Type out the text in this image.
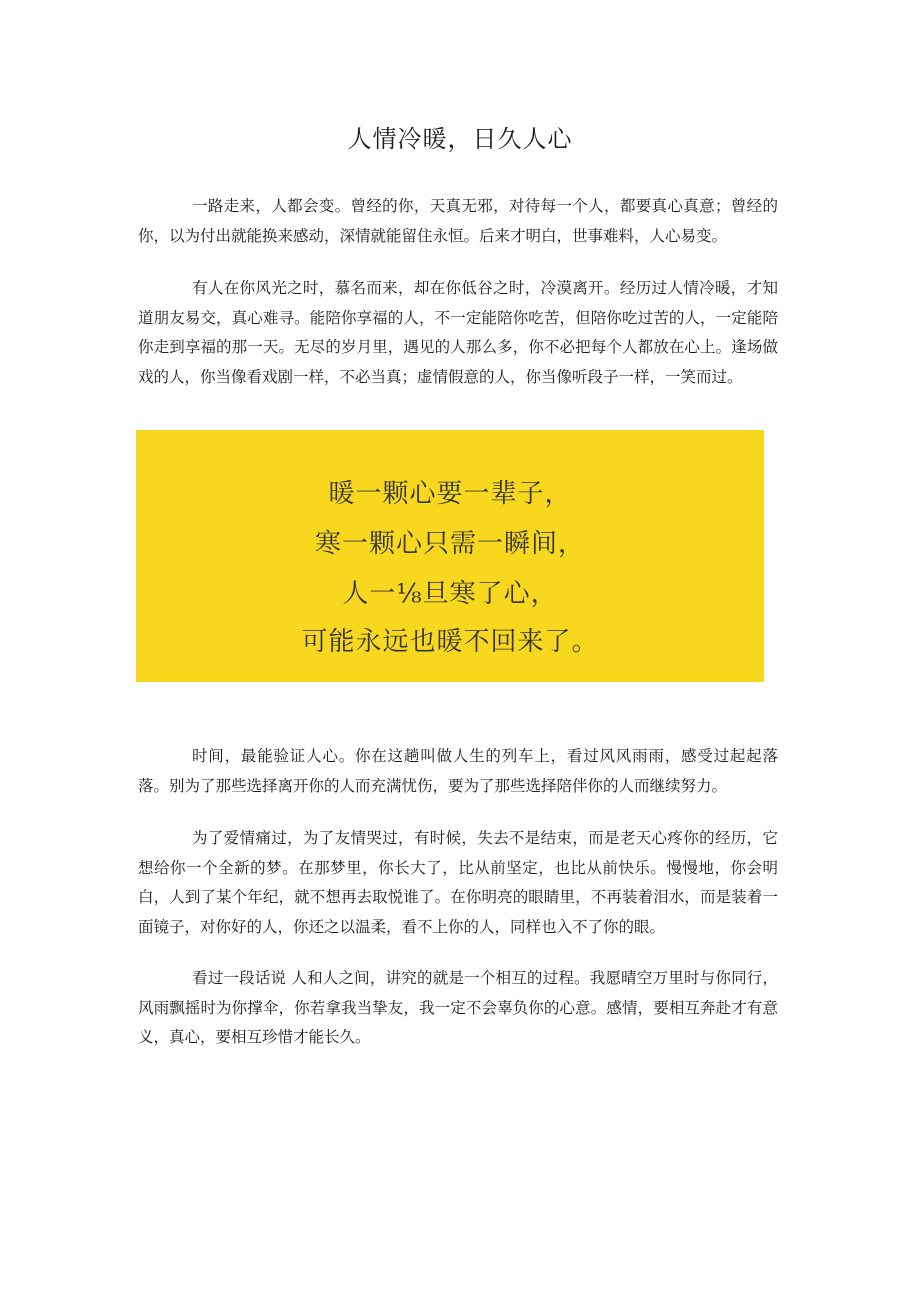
人情冷暖，日久人心

一路走来，人都会变。曾经的你，天真无邪，对待每一个人，都要真心真意；曾经的你，以为付出就能换来感动，深情就能留住永恒。后来才明白，世事难料，人心易变。

有人在你风光之时，慕名而来，却在你低谷之时，冷漠离开。经历过人情冷暖，才知道朋友易交，真心难寻。能陪你享福的人，不一定能陪你吃苦，但陪你吃过苦的人，一定能陪你走到享福的那一天。无尽的岁月里，遇见的人那么多，你不必把每个人都放在心上。逢场做戏的人，你当像看戏剧一样，不必当真；虚情假意的人，你当像听段子一样，一笑而过。

暖一颗心要一辈子，
寒一颗心只需一瞬间，
人一⅛旦寒了心，
可能永远也暖不回来了。

时间，最能验证人心。你在这趟叫做人生的列车上，看过风风雨雨，感受过起起落落。别为了那些选择离开你的人而充满忧伤，要为了那些选择陪伴你的人而继续努力。

为了爱情痛过，为了友情哭过，有时候，失去不是结束，而是老天心疼你的经历，它想给你一个全新的梦。在那梦里，你长大了，比从前坚定，也比从前快乐。慢慢地，你会明白，人到了某个年纪，就不想再去取悦谁了。在你明亮的眼睛里，不再装着泪水，而是装着一面镜子，对你好的人，你还之以温柔，看不上你的人，同样也入不了你的眼。

看过一段话说 人和人之间，讲究的就是一个相互的过程。我愿晴空万里时与你同行，风雨飘摇时为你撑伞，你若拿我当挚友，我一定不会辜负你的心意。感情，要相互奔赴才有意义，真心，要相互珍惜才能长久。
